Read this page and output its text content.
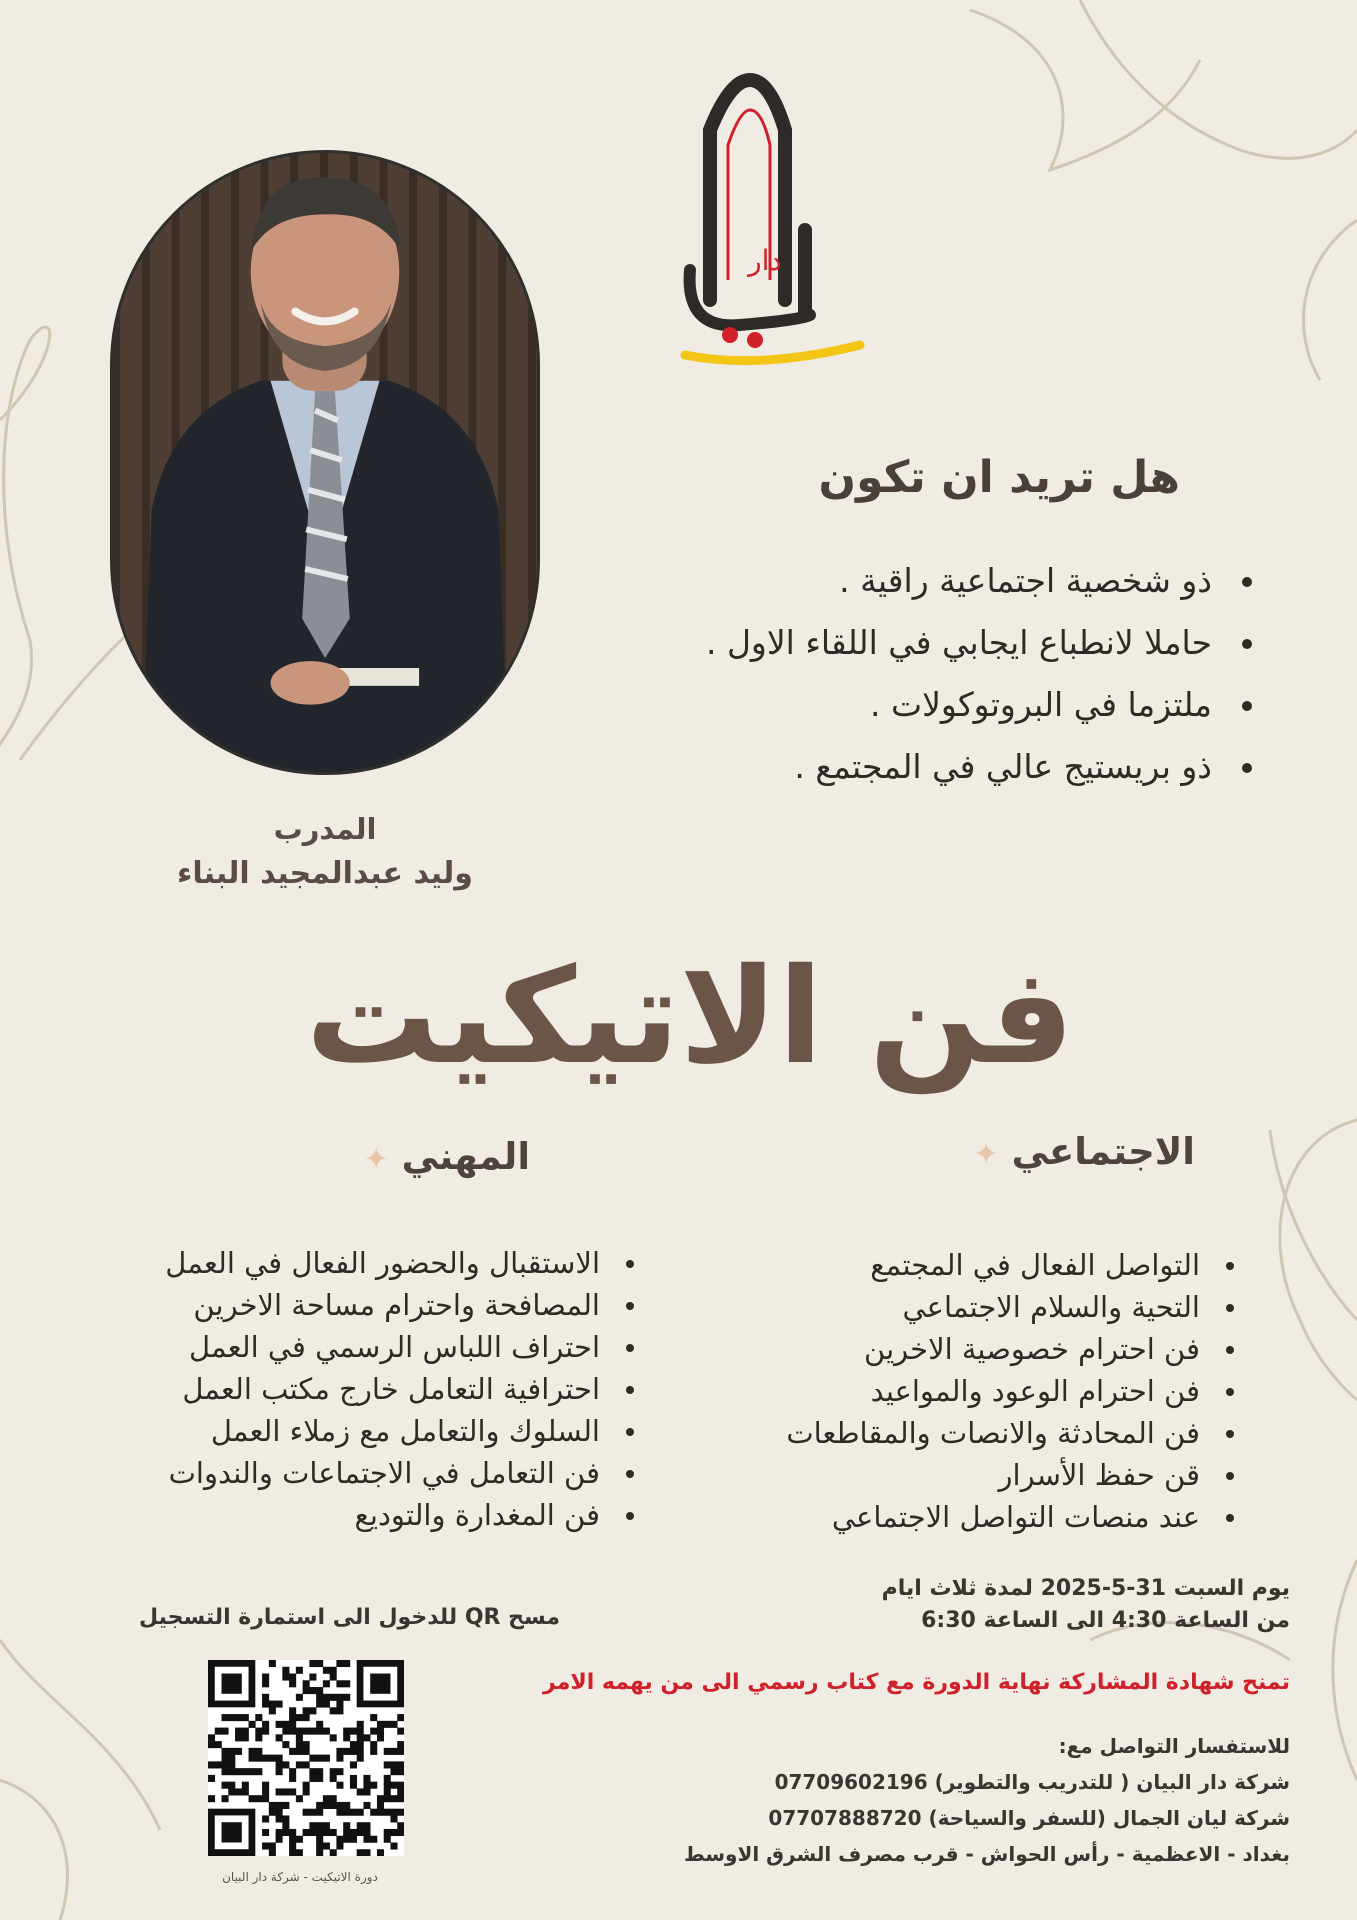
دار
البيان
المدرب
وليد عبدالمجيد البناء
هل تريد ان تكون
ذو شخصية اجتماعية راقية .
حاملا لانطباع ايجابي في اللقاء الاول .
ملتزما في البروتوكولات .
ذو بريستيج عالي في المجتمع .
فن الاتيكيت
الاجتماعي ✦
المهني ✦
التواصل الفعال في المجتمع
التحية والسلام الاجتماعي
فن احترام خصوصية الاخرين
فن احترام الوعود والمواعيد
فن المحادثة والانصات والمقاطعات
قن حفظ الأسرار
عند منصات التواصل الاجتماعي
الاستقبال والحضور الفعال في العمل
المصافحة واحترام مساحة الاخرين
احتراف اللباس الرسمي في العمل
احترافية التعامل خارج مكتب العمل
السلوك والتعامل مع زملاء العمل
فن التعامل في الاجتماعات والندوات
فن المغدارة والتوديع
يوم السبت 31-5-2025 لمدة ثلاث ايام
من الساعة 4:30 الى الساعة 6:30
مسح QR للدخول الى استمارة التسجيل
تمنح شهادة المشاركة نهاية الدورة مع كتاب رسمي الى من يهمه الامر
للاستفسار التواصل مع:
شركة دار البيان ( للتدريب والتطوير) 07709602196
شركة ليان الجمال (للسفر والسياحة) 07707888720
بغداد - الاعظمية - رأس الحواش - قرب مصرف الشرق الاوسط
دورة الاتيكيت - شركة دار البيان
